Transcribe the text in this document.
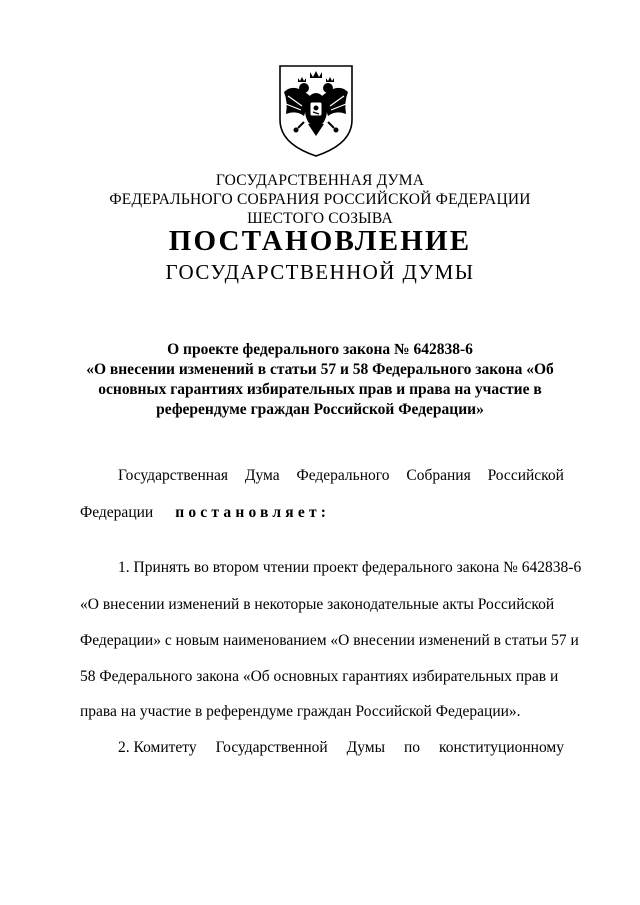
ГОСУДАРСТВЕННАЯ ДУМА
ФЕДЕРАЛЬНОГО СОБРАНИЯ РОССИЙСКОЙ ФЕДЕРАЦИИ
ШЕСТОГО СОЗЫВА
ПОСТАНОВЛЕНИЕ
ГОСУДАРСТВЕННОЙ ДУМЫ
О проекте федерального закона № 642838-6
«О внесении изменений в статьи 57 и 58 Федерального закона «Об
основных гарантиях избирательных прав и права на участие в
референдуме граждан Российской Федерации»
Государственная Дума Федерального Собрания Российской
Федерации постановляет:
1. Принять во втором чтении проект федерального закона № 642838-6
«О внесении изменений в некоторые законодательные акты Российской
Федерации» с новым наименованием «О внесении изменений в статьи 57 и
58 Федерального закона «Об основных гарантиях избирательных прав и
права на участие в референдуме граждан Российской Федерации».
2. Комитету Государственной Думы по конституционному
